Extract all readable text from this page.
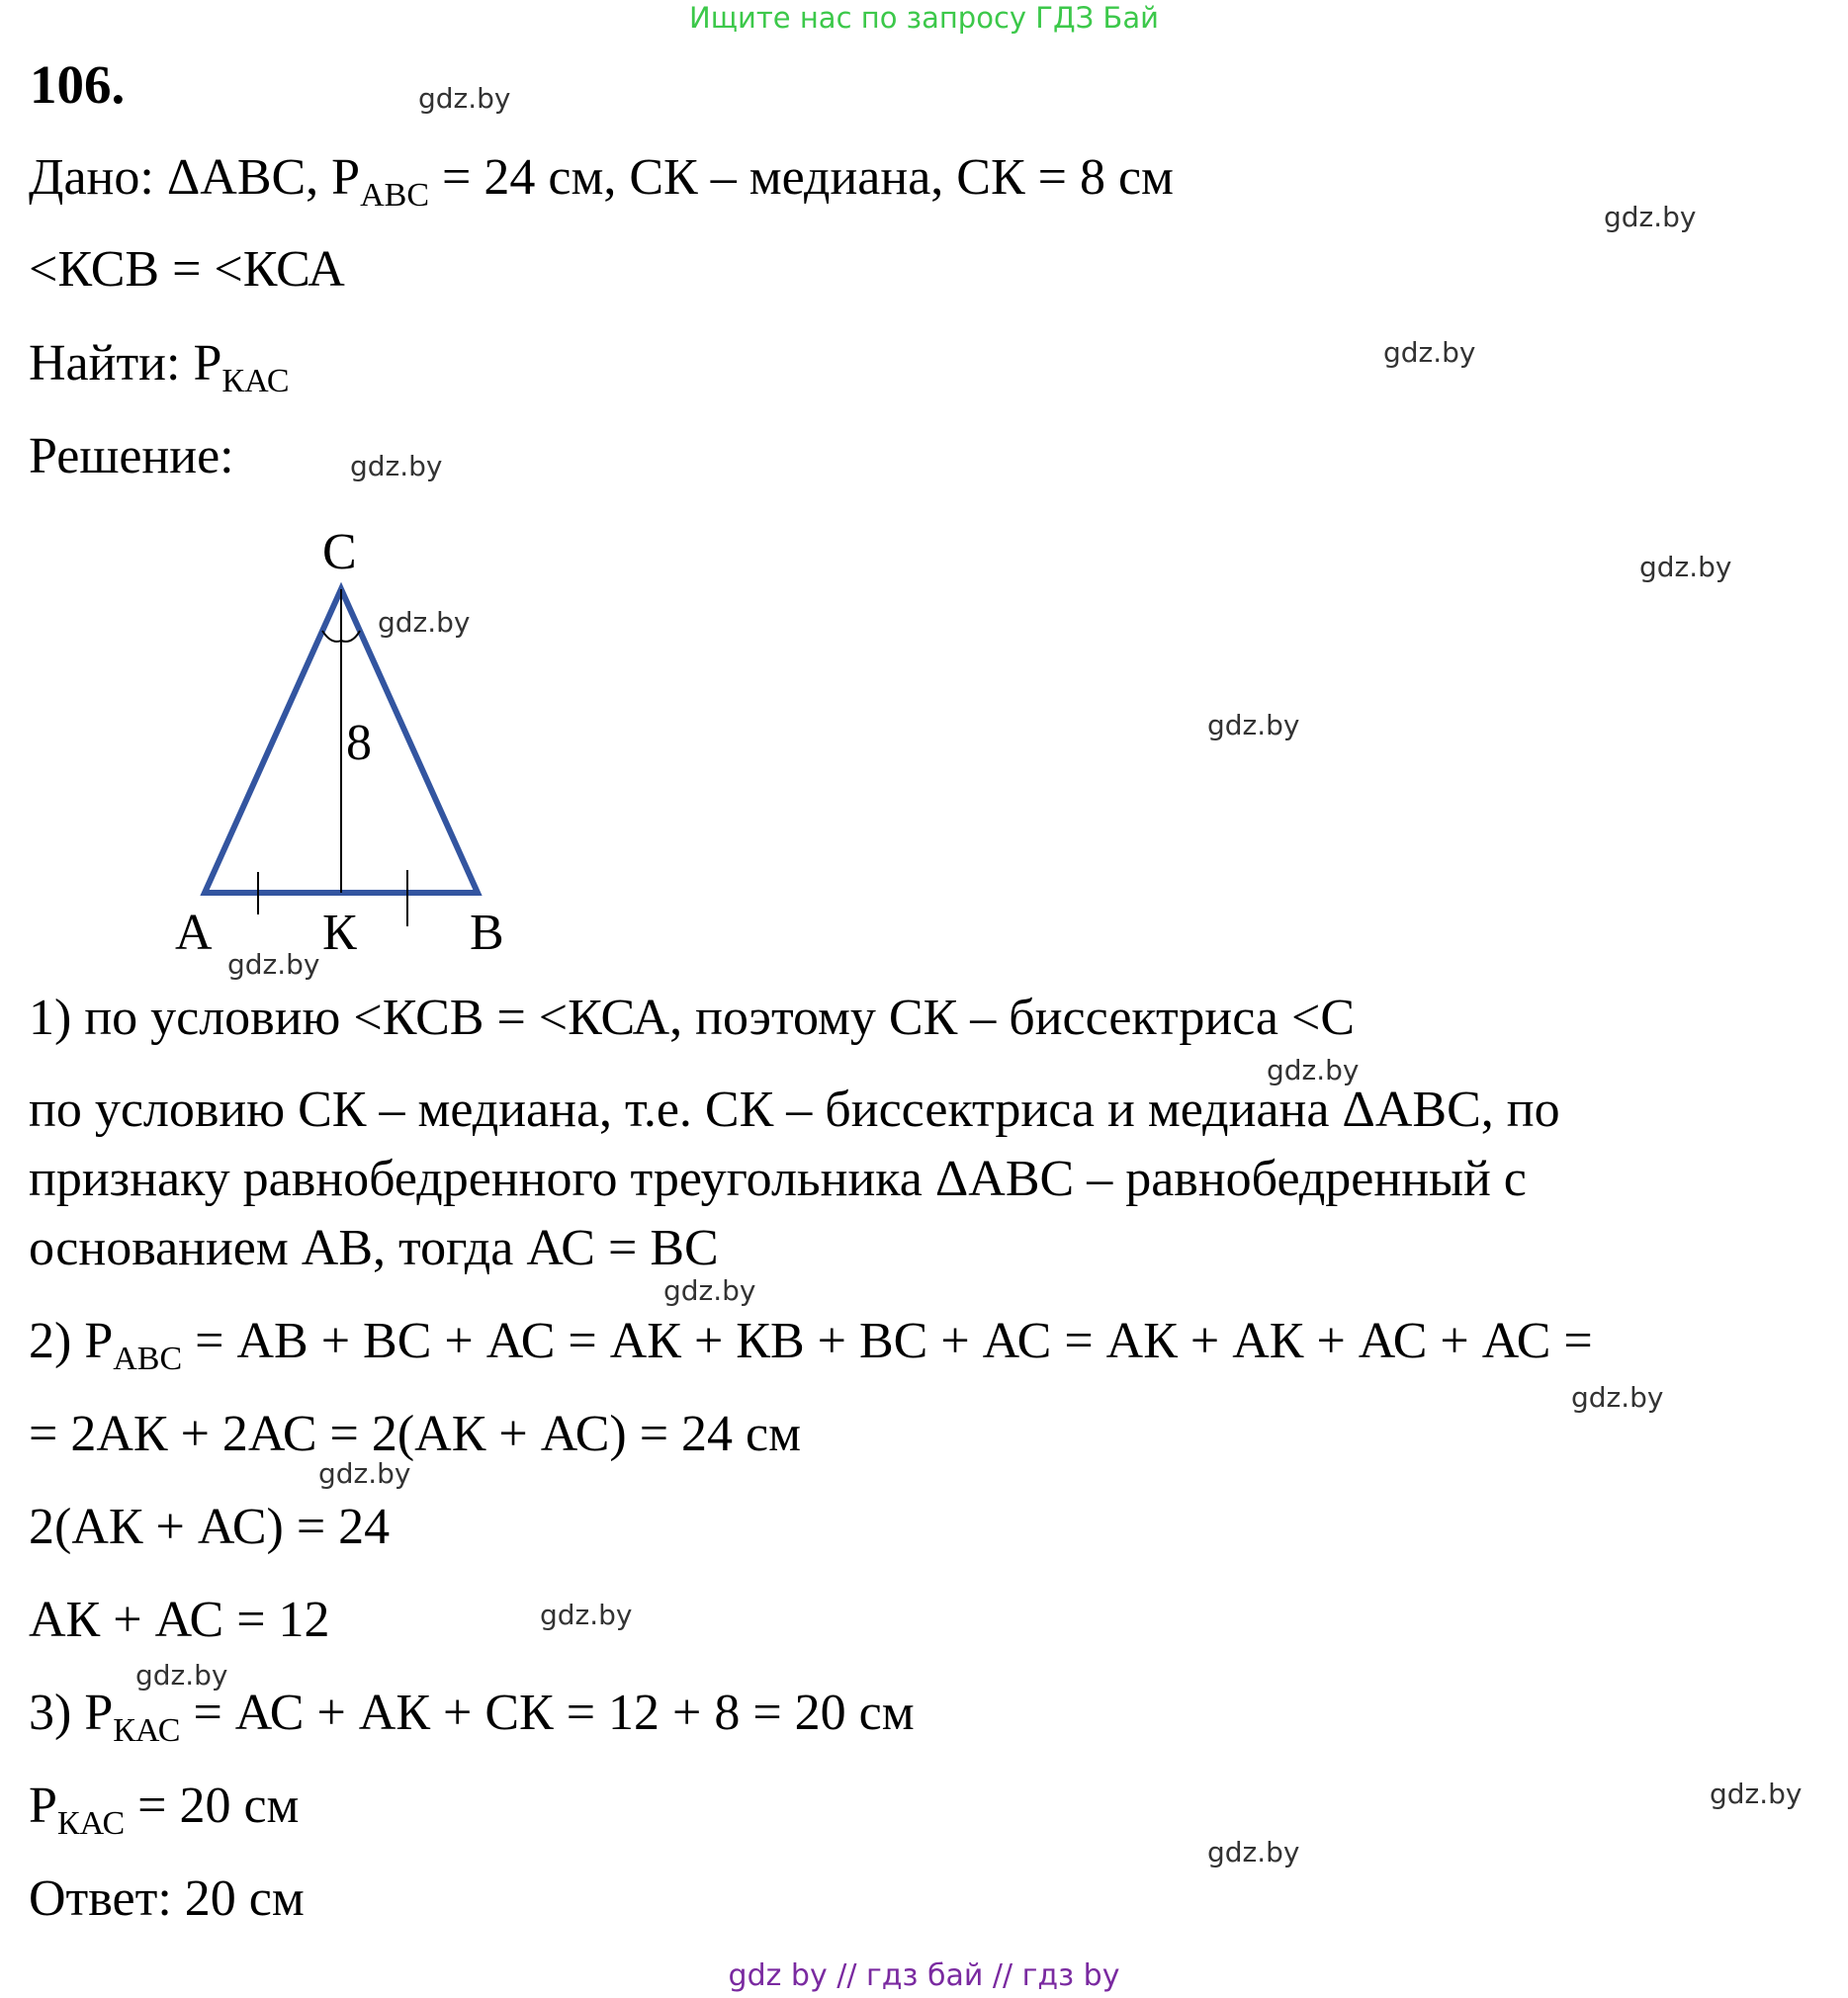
Ищите нас по запросу ГДЗ Бай
106.
Дано: ΔАВС, $Р_{АВС} = 24$ см, СК – медиана, СК = 8 см
<КСВ = <КСА
Найти: $Р_{КАС}$
Решение:
С
8
А К В
1) по условию <КСВ = <КСА, поэтому СК – биссектриса <С
по условию СК – медиана, т.е. СК – биссектриса и медиана ΔАВС, по
признаку равнобедренного треугольника ΔАВС – равнобедренный с
основанием АВ, тогда АС = ВС
2) $Р_{АВС}$ = АВ + ВС + АС = АК + КВ + ВС + АС = АК + АК + АС + АС =
= 2АК + 2АС = 2(АК + АС) = 24 см
2(АК + АС) = 24
АК + АС = 12
3) $Р_{КАС}$ = АС + АК + СК = 12 + 8 = 20 см
$Р_{КАС} = 20$ см
Ответ: 20 см
gdz.by
gdz.by
gdz.by
gdz.by
gdz.by
gdz.by
gdz.by
gdz.by
gdz.by
gdz.by
gdz.by
gdz.by
gdz.by
gdz.by
gdz.by
gdz.by
gdz by // гдз бай // гдз by
